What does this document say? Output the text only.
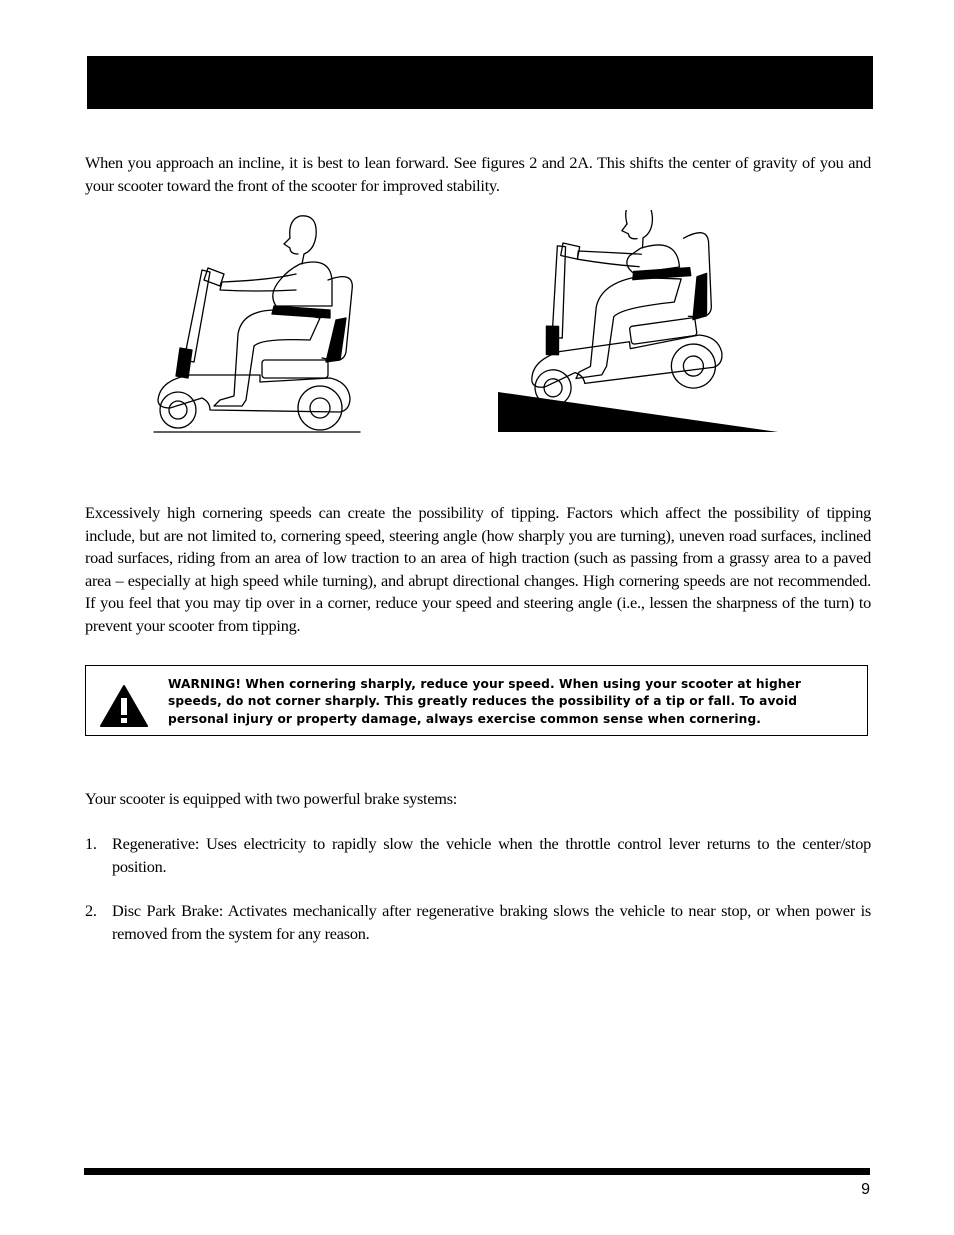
When you approach an incline, it is best to lean forward. See figures 2 and 2A. This shifts the center of gravity of you and your scooter toward the front of the scooter for improved stability.

Excessively high cornering speeds can create the possibility of tipping. Factors which affect the possibility of tipping include, but are not limited to, cornering speed, steering angle (how sharply you are turning), uneven road surfaces, inclined road surfaces, riding from an area of low traction to an area of high traction (such as passing from a grassy area to a paved area – especially at high speed while turning), and abrupt directional changes. High cornering speeds are not recommended. If you feel that you may tip over in a corner, reduce your speed and steering angle (i.e., lessen the sharpness of the turn) to prevent your scooter from tipping.

WARNING! When cornering sharply, reduce your speed. When using your scooter at higher speeds, do not corner sharply. This greatly reduces the possibility of a tip or fall. To avoid personal injury or property damage, always exercise common sense when cornering.

Your scooter is equipped with two powerful brake systems:

1. Regenerative: Uses electricity to rapidly slow the vehicle when the throttle control lever returns to the center/stop position.
2. Disc Park Brake: Activates mechanically after regenerative braking slows the vehicle to near stop, or when power is removed from the system for any reason.
9
